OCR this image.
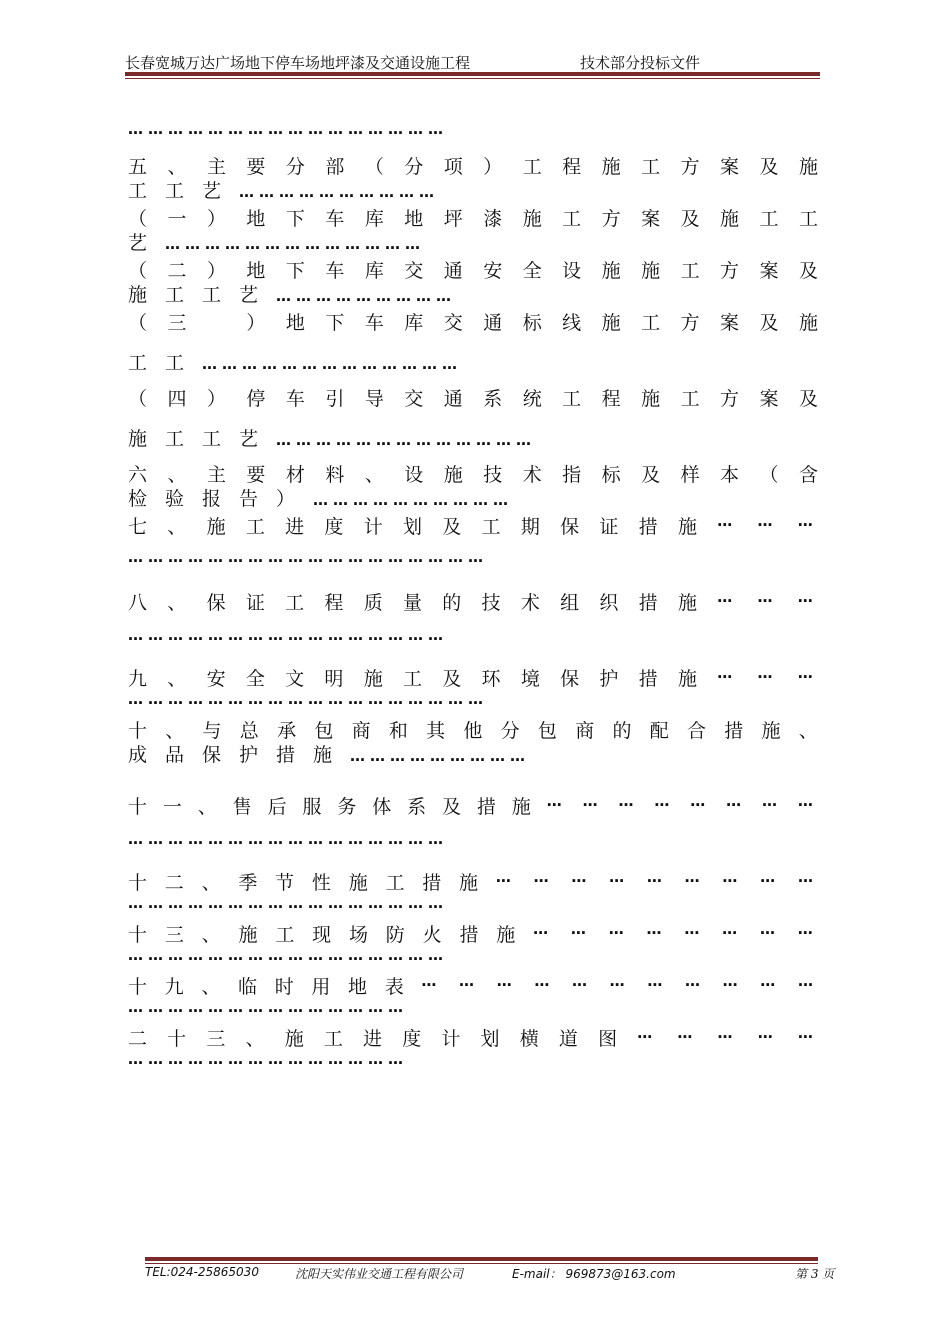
长春宽城万达广场地下停车场地坪漆及交通设施工程	技术部分投标文件
…………………………………………
五 、 主 要 分 部 （ 分 项 ） 工 程 施 工 方 案 及 施
工工艺…………………………
（ 一 ） 地 下 车 库 地 坪 漆 施 工 方 案 及 施 工 工
艺…………………………………
（ 二 ） 地 下 车 库 交 通 安 全 设 施 施 工 方 案 及
施工工艺………………………
（ 三
　	） 地 下 车 库 交 通 标 线 施 工 方 案 及 施
工工…………………………………
（ 四 ） 停 车 引 导 交 通 系 统 工 程 施 工 方 案 及
施工工艺…………………………………
六 、 主 要 材 料 、 设 施 技 术 指 标 及 样 本 （ 含
检验报告）…………………………
七 、 施 工 进 度 计 划 及 工 期 保 证 措 施 … … …
………………………………………………
八 、 保 证 工 程 质 量 的 技 术 组 织 措 施 … … …
…………………………………………
九 、 安 全 文 明 施 工 及 环 境 保 护 措 施 … … …
………………………………………………
十 、 与 总 承 包 商 和 其 他 分 包 商 的 配 合 措 施 、
成品保护措施………………………
十 一 、 售 后 服 务 体 系 及 措 施 … … … … … … … …
…………………………………………
十 二 、 季 节 性 施 工 措 施 … … … … … … … … …
…………………………………………
十 三 、 施 工 现 场 防 火 措 施 … … … … … … … …
…………………………………………
十 九 、 临 时 用 地 表 … … … … … … … … … … …
……………………………………
二 十 三 、 施 工 进 度 计 划 横 道 图 … … … … …
……………………………………
TEL:024-25865030	沈阳天实伟业交通工程有限公司	E-mail： 969873@163.com	第 3 页
